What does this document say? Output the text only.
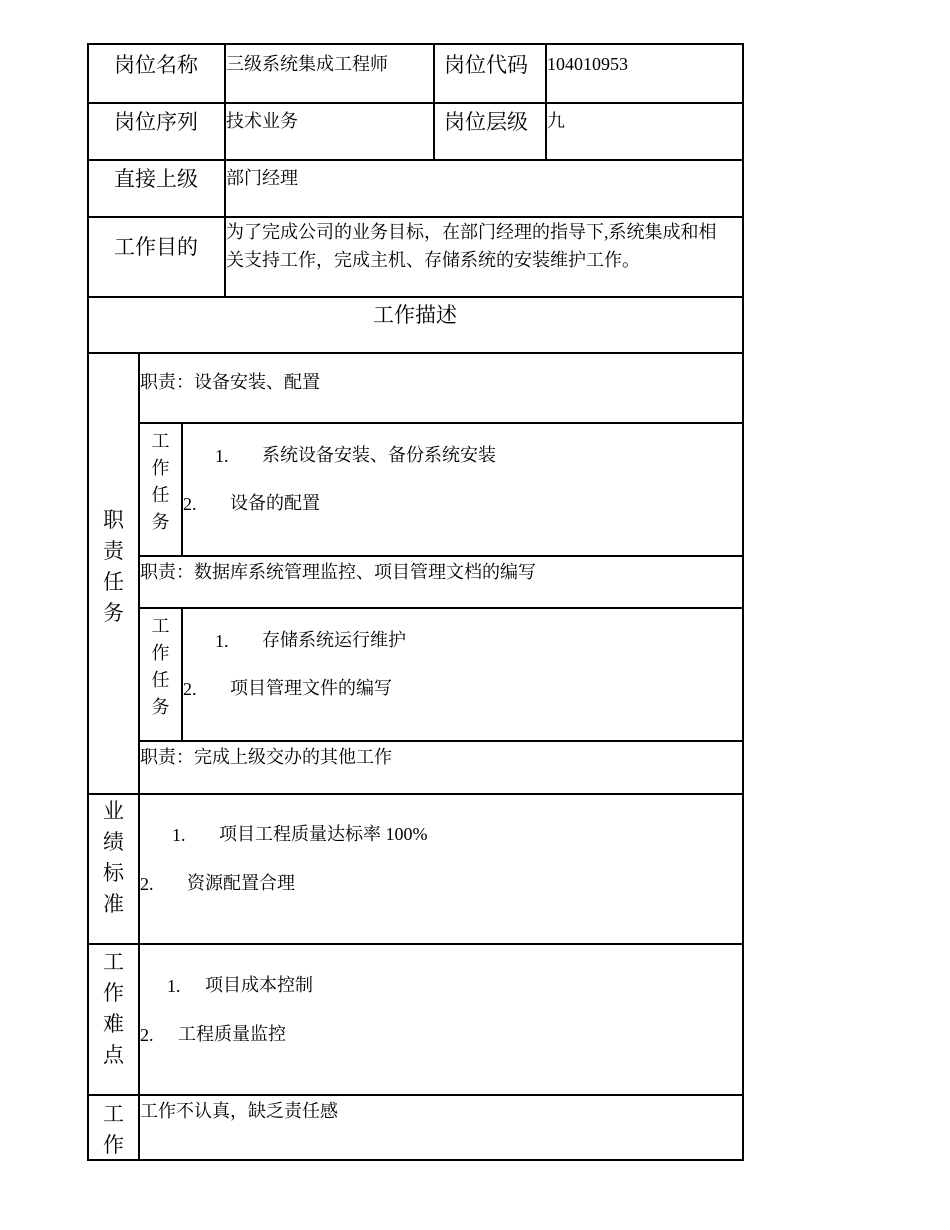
岗位名称 三级系统集成工程师	岗位代码 104010953
岗位序列 技术业务	岗位层级 九
直接上级 部门经理
工作目的
为了完成公司的业务目标，在部门经理的指导下,系统集成和相
关支持工作，完成主机、存储系统的安装维护工作。
工作描述
职
责
任
务
职责：设备安装、配置
工
作
任
务
1. 系统设备安装、备份系统安装
2. 设备的配置
职责：数据库系统管理监控、项目管理文档的编写
工
作
任
务
1. 存储系统运行维护
2. 项目管理文件的编写
职责：完成上级交办的其他工作
业
绩
标
准
1. 项目工程质量达标率 100%
2. 资源配置合理
工
作
难
点
1. 项目成本控制
2. 工程质量监控
工
作
工作不认真，缺乏责任感
